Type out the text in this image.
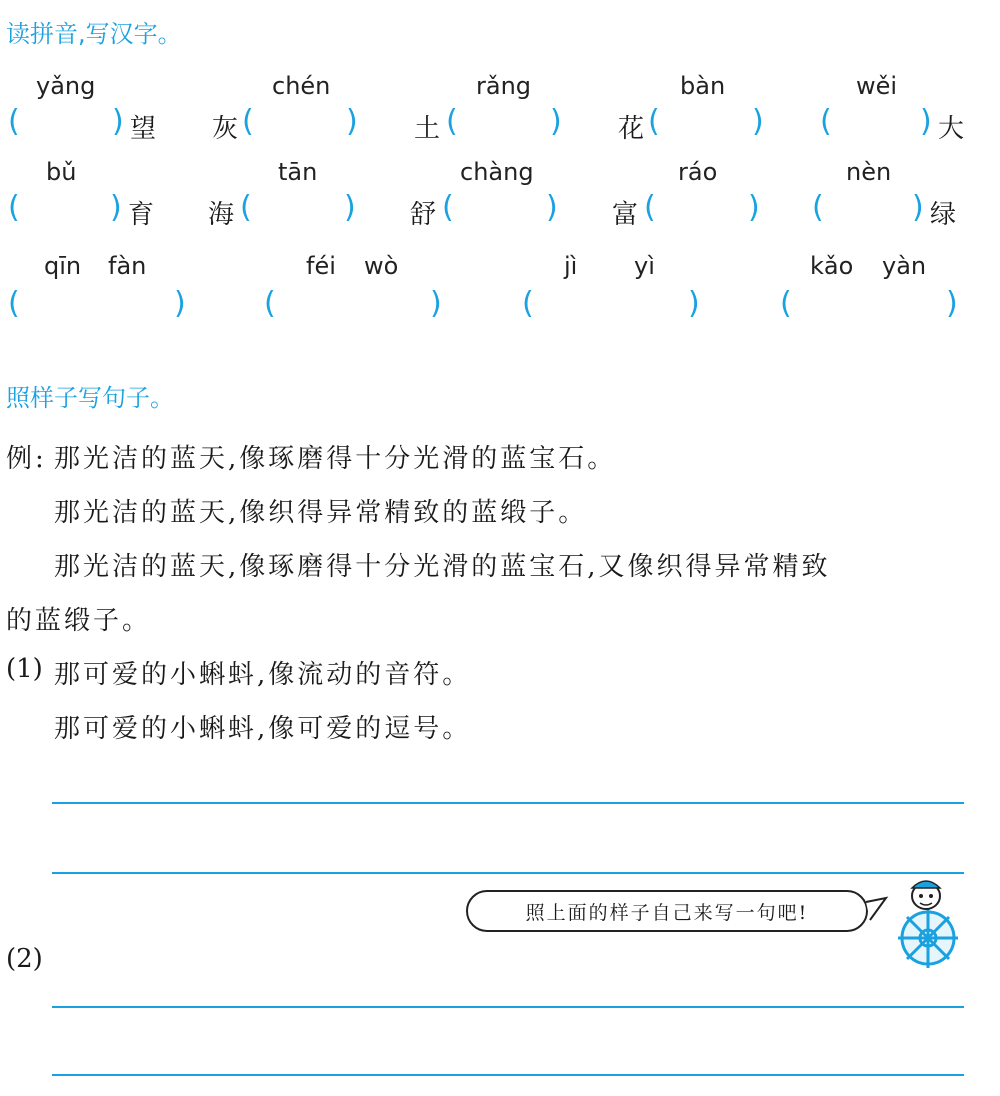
读拼音,写汉字。
yǎng	chén	rǎng	bàn	wěi
(	) 望 灰 (	) 土 (	) 花 (	) (	) 大
bǔ	tān	chàng	ráo	nèn
(	) 育 海 (	) 舒 (	) 富 (	) (	) 绿
qīn fàn	féi wò	jì yì	kǎo yàn
(	)	(	)	(	)	(	)
照样子写句子。
例: 那光洁的蓝天,像琢磨得十分光滑的蓝宝石。
那光洁的蓝天,像织得异常精致的蓝缎子。
那光洁的蓝天,像琢磨得十分光滑的蓝宝石,又像织得异常精致
的蓝缎子。
(1) 那可爱的小蝌蚪,像流动的音符。
那可爱的小蝌蚪,像可爱的逗号。
照上面的样子自己来写一句吧!
(2)
